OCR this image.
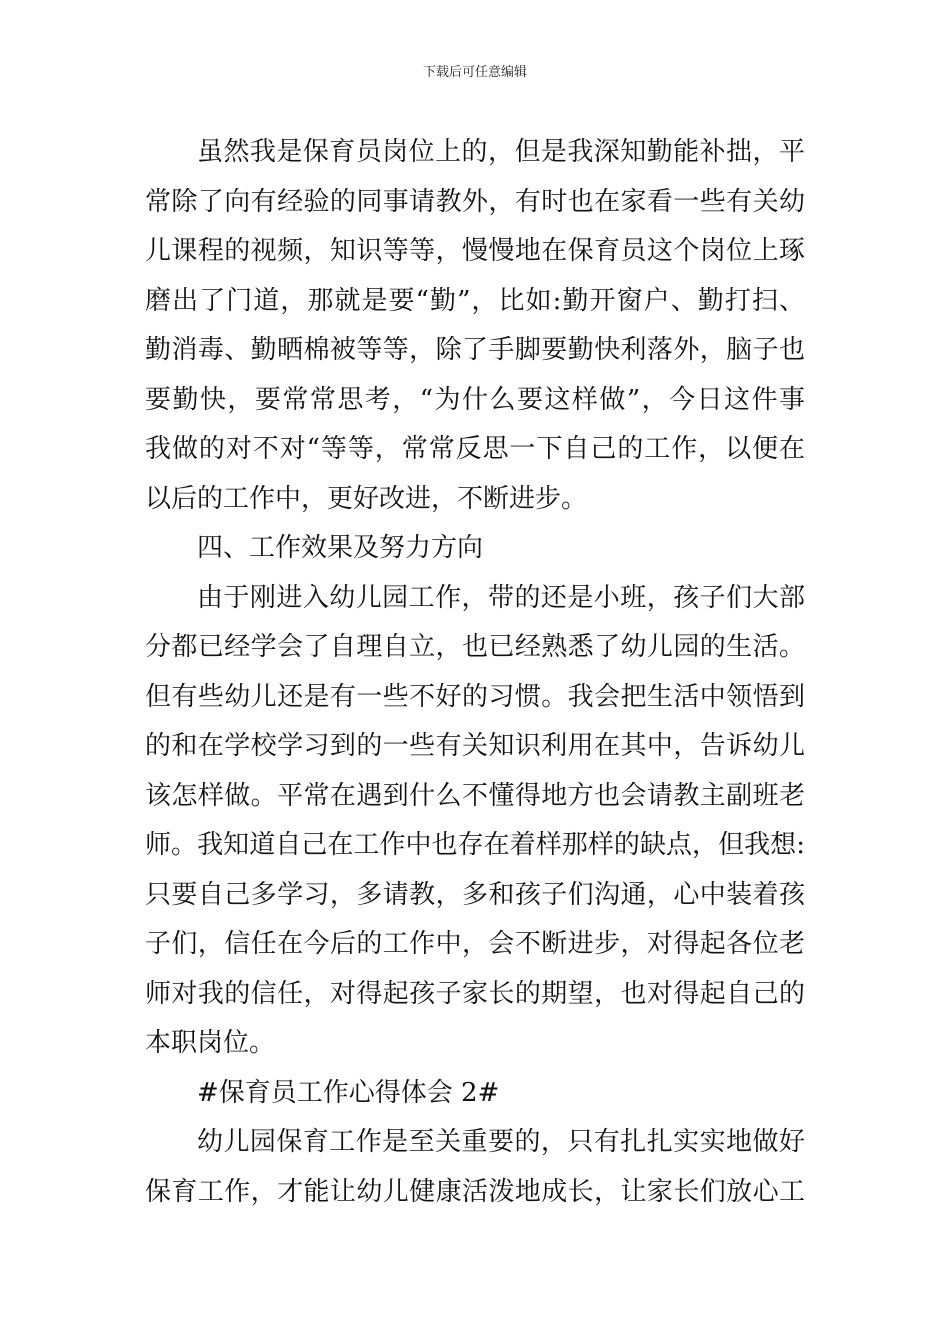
下载后可任意编辑
虽然我是保育员岗位上的，但是我深知勤能补拙，平
常除了向有经验的同事请教外，有时也在家看一些有关幼
儿课程的视频，知识等等，慢慢地在保育员这个岗位上琢
磨出了门道，那就是要“勤”，比如:勤开窗户、勤打扫、
勤消毒、勤晒棉被等等，除了手脚要勤快利落外，脑子也
要勤快，要常常思考，“为什么要这样做”，今日这件事
我做的对不对“等等，常常反思一下自己的工作，以便在
以后的工作中，更好改进，不断进步。
四、工作效果及努力方向
由于刚进入幼儿园工作，带的还是小班，孩子们大部
分都已经学会了自理自立，也已经熟悉了幼儿园的生活。
但有些幼儿还是有一些不好的习惯。我会把生活中领悟到
的和在学校学习到的一些有关知识利用在其中，告诉幼儿
该怎样做。平常在遇到什么不懂得地方也会请教主副班老
师。我知道自己在工作中也存在着样那样的缺点，但我想:
只要自己多学习，多请教，多和孩子们沟通，心中装着孩
子们，信任在今后的工作中，会不断进步，对得起各位老
师对我的信任，对得起孩子家长的期望，也对得起自己的
本职岗位。
#保育员工作心得体会 2#
幼儿园保育工作是至关重要的，只有扎扎实实地做好
保育工作，才能让幼儿健康活泼地成长，让家长们放心工
